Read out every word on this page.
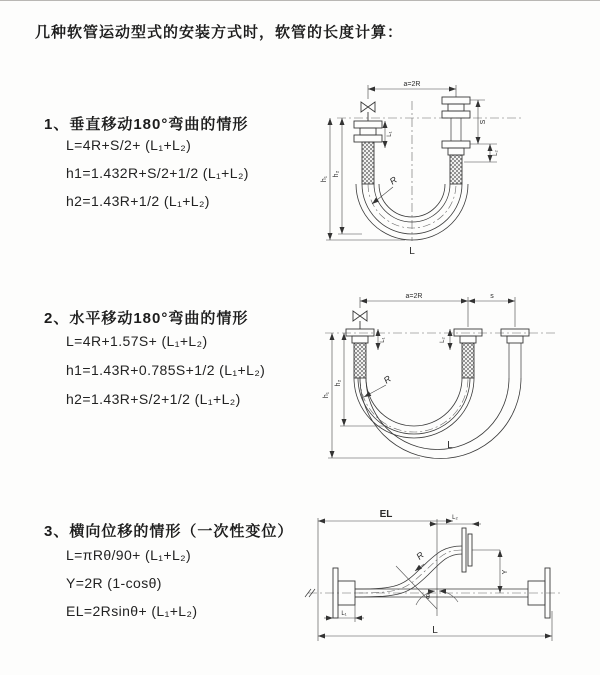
几种软管运动型式的安装方式时，软管的长度计算：
1、垂直移动180°弯曲的情形
L=4R+S/2+ (L₁+L₂)
h1=1.432R+S/2+1/2 (L₁+L₂)
h2=1.43R+1/2 (L₁+L₂)
2、水平移动180°弯曲的情形
L=4R+1.57S+ (L₁+L₂)
h1=1.43R+0.785S+1/2 (L₁+L₂)
h2=1.43R+S/2+1/2 (L₁+L₂)
3、横向位移的情形（一次性变位）
L=πRθ/90+ (L₁+L₂)
Y=2R (1-cosθ)
EL=2Rsinθ+ (L₁+L₂)
a=2R
h₁
h₂
L₁
S
L₂
R
L
a=2R	s
h₁
h₂
L₁	L₂
R
L
EL	L₂
Y
R
θ
L₁
L
